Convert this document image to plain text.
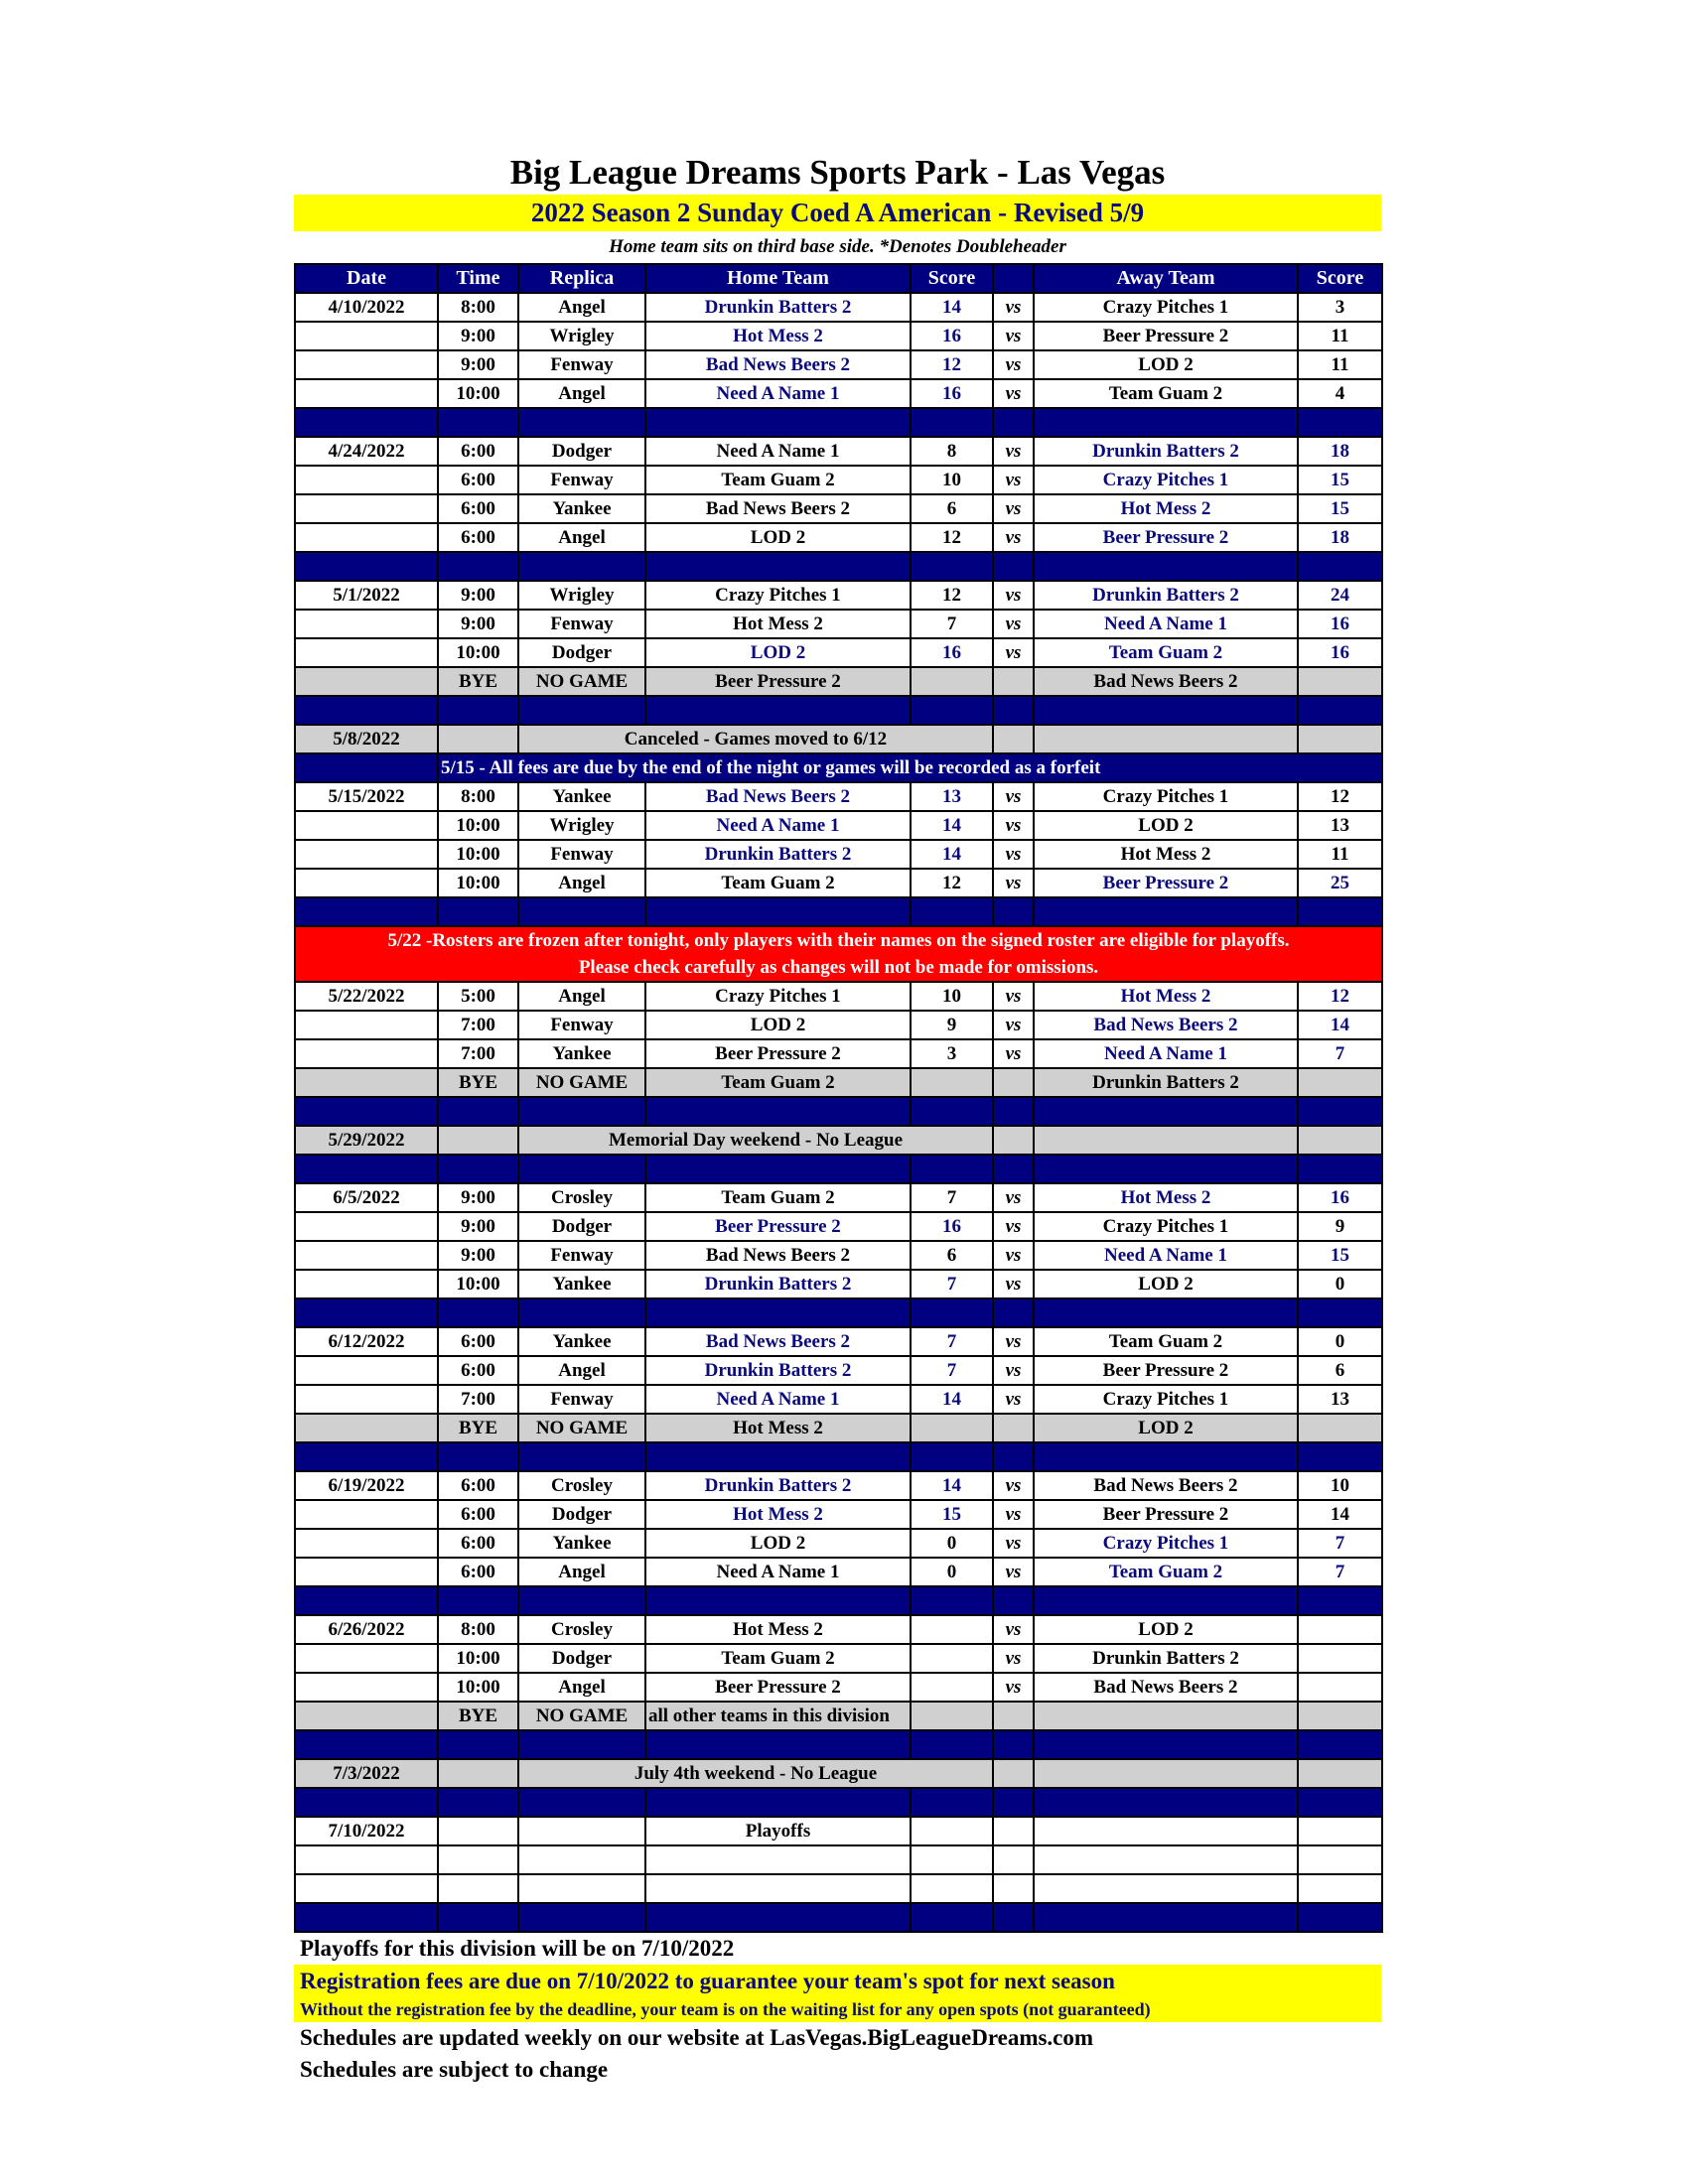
Big League Dreams Sports Park - Las Vegas
2022 Season 2 Sunday Coed A American - Revised 5/9
Home team sits on third base side. *Denotes Doubleheader
Date	Time	Replica	Home Team	Score		Away Team	Score
4/10/2022	8:00	Angel	Drunkin Batters 2	14	vs	Crazy Pitches 1	3
	9:00	Wrigley	Hot Mess 2	16	vs	Beer Pressure 2	11
	9:00	Fenway	Bad News Beers 2	12	vs	LOD 2	11
	10:00	Angel	Need A Name 1	16	vs	Team Guam 2	4

4/24/2022	6:00	Dodger	Need A Name 1	8	vs	Drunkin Batters 2	18
	6:00	Fenway	Team Guam 2	10	vs	Crazy Pitches 1	15
	6:00	Yankee	Bad News Beers 2	6	vs	Hot Mess 2	15
	6:00	Angel	LOD 2	12	vs	Beer Pressure 2	18

5/1/2022	9:00	Wrigley	Crazy Pitches 1	12	vs	Drunkin Batters 2	24
	9:00	Fenway	Hot Mess 2	7	vs	Need A Name 1	16
	10:00	Dodger	LOD 2	16	vs	Team Guam 2	16
	BYE	NO GAME	Beer Pressure 2			Bad News Beers 2	

5/8/2022		Canceled - Games moved to 6/12					
	5/15 - All fees are due by the end of the night or games will be recorded as a forfeit						
5/15/2022	8:00	Yankee	Bad News Beers 2	13	vs	Crazy Pitches 1	12
	10:00	Wrigley	Need A Name 1	14	vs	LOD 2	13
	10:00	Fenway	Drunkin Batters 2	14	vs	Hot Mess 2	11
	10:00	Angel	Team Guam 2	12	vs	Beer Pressure 2	25

5/22 -Rosters are frozen after tonight, only players with their names on the signed roster are eligible for playoffs.							
Please check carefully as changes will not be made for omissions.							
5/22/2022	5:00	Angel	Crazy Pitches 1	10	vs	Hot Mess 2	12
	7:00	Fenway	LOD 2	9	vs	Bad News Beers 2	14
	7:00	Yankee	Beer Pressure 2	3	vs	Need A Name 1	7
	BYE	NO GAME	Team Guam 2			Drunkin Batters 2	

5/29/2022		Memorial Day weekend - No League					

6/5/2022	9:00	Crosley	Team Guam 2	7	vs	Hot Mess 2	16
	9:00	Dodger	Beer Pressure 2	16	vs	Crazy Pitches 1	9
	9:00	Fenway	Bad News Beers 2	6	vs	Need A Name 1	15
	10:00	Yankee	Drunkin Batters 2	7	vs	LOD 2	0

6/12/2022	6:00	Yankee	Bad News Beers 2	7	vs	Team Guam 2	0
	6:00	Angel	Drunkin Batters 2	7	vs	Beer Pressure 2	6
	7:00	Fenway	Need A Name 1	14	vs	Crazy Pitches 1	13
	BYE	NO GAME	Hot Mess 2			LOD 2	

6/19/2022	6:00	Crosley	Drunkin Batters 2	14	vs	Bad News Beers 2	10
	6:00	Dodger	Hot Mess 2	15	vs	Beer Pressure 2	14
	6:00	Yankee	LOD 2	0	vs	Crazy Pitches 1	7
	6:00	Angel	Need A Name 1	0	vs	Team Guam 2	7

6/26/2022	8:00	Crosley	Hot Mess 2		vs	LOD 2	
	10:00	Dodger	Team Guam 2		vs	Drunkin Batters 2	
	10:00	Angel	Beer Pressure 2		vs	Bad News Beers 2	
	BYE	NO GAME	all other teams in this division				

7/3/2022		July 4th weekend - No League					

7/10/2022			Playoffs				

Playoffs for this division will be on 7/10/2022
Registration fees are due on 7/10/2022 to guarantee your team's spot for next season
Without the registration fee by the deadline, your team is on the waiting list for any open spots (not guaranteed)
Schedules are updated weekly on our website at LasVegas.BigLeagueDreams.com
Schedules are subject to change
